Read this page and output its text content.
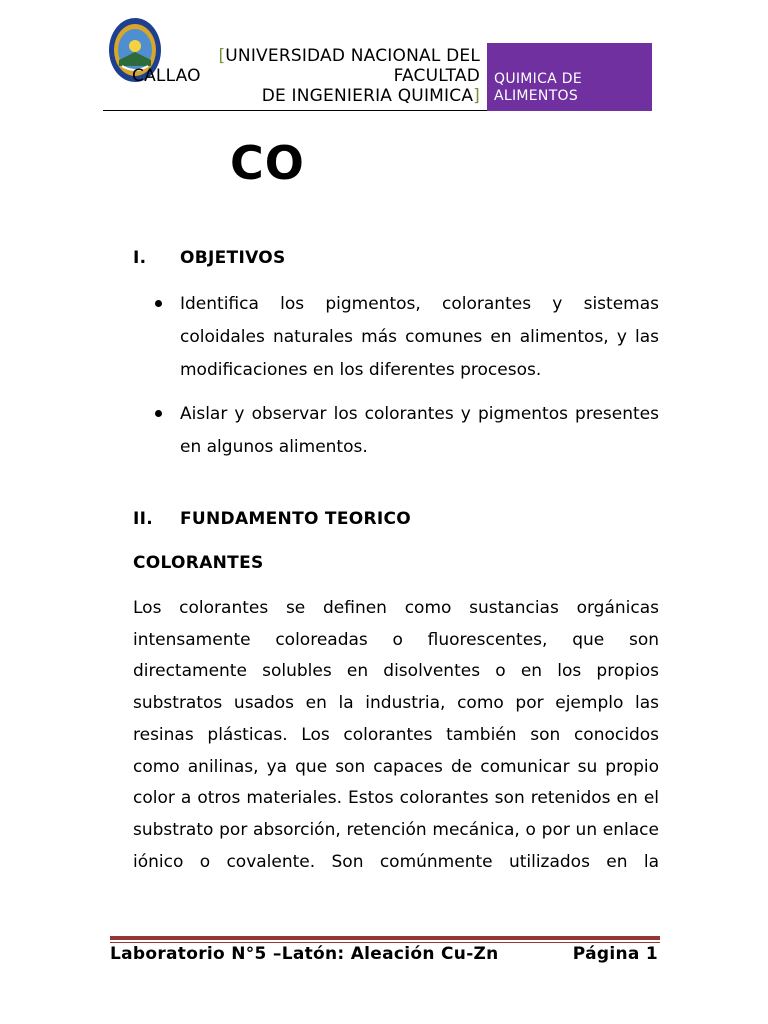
[UNIVERSIDAD NACIONAL DEL
CALLAO	FACULTAD
DE INGENIERIA QUIMICA]
QUIMICA DE ALIMENTOS
CO
I. OBJETIVOS
Identifica los pigmentos, colorantes y sistemas coloidales naturales más comunes en alimentos, y las modificaciones en los diferentes procesos.
Aislar y observar los colorantes y pigmentos presentes en algunos alimentos.
II. FUNDAMENTO TEORICO
COLORANTES

Los colorantes se definen como sustancias orgánicas intensamente coloreadas o fluorescentes, que son directamente solubles en disolventes o en los propios substratos usados en la industria, como por ejemplo las resinas plásticas. Los colorantes también son conocidos como anilinas, ya que son capaces de comunicar su propio color a otros materiales. Estos colorantes son retenidos en el substrato por absorción, retención mecánica, o por un enlace iónico o covalente. Son comúnmente utilizados en la

Laboratorio N°5 –Latón: Aleación Cu-Zn	Página 1
